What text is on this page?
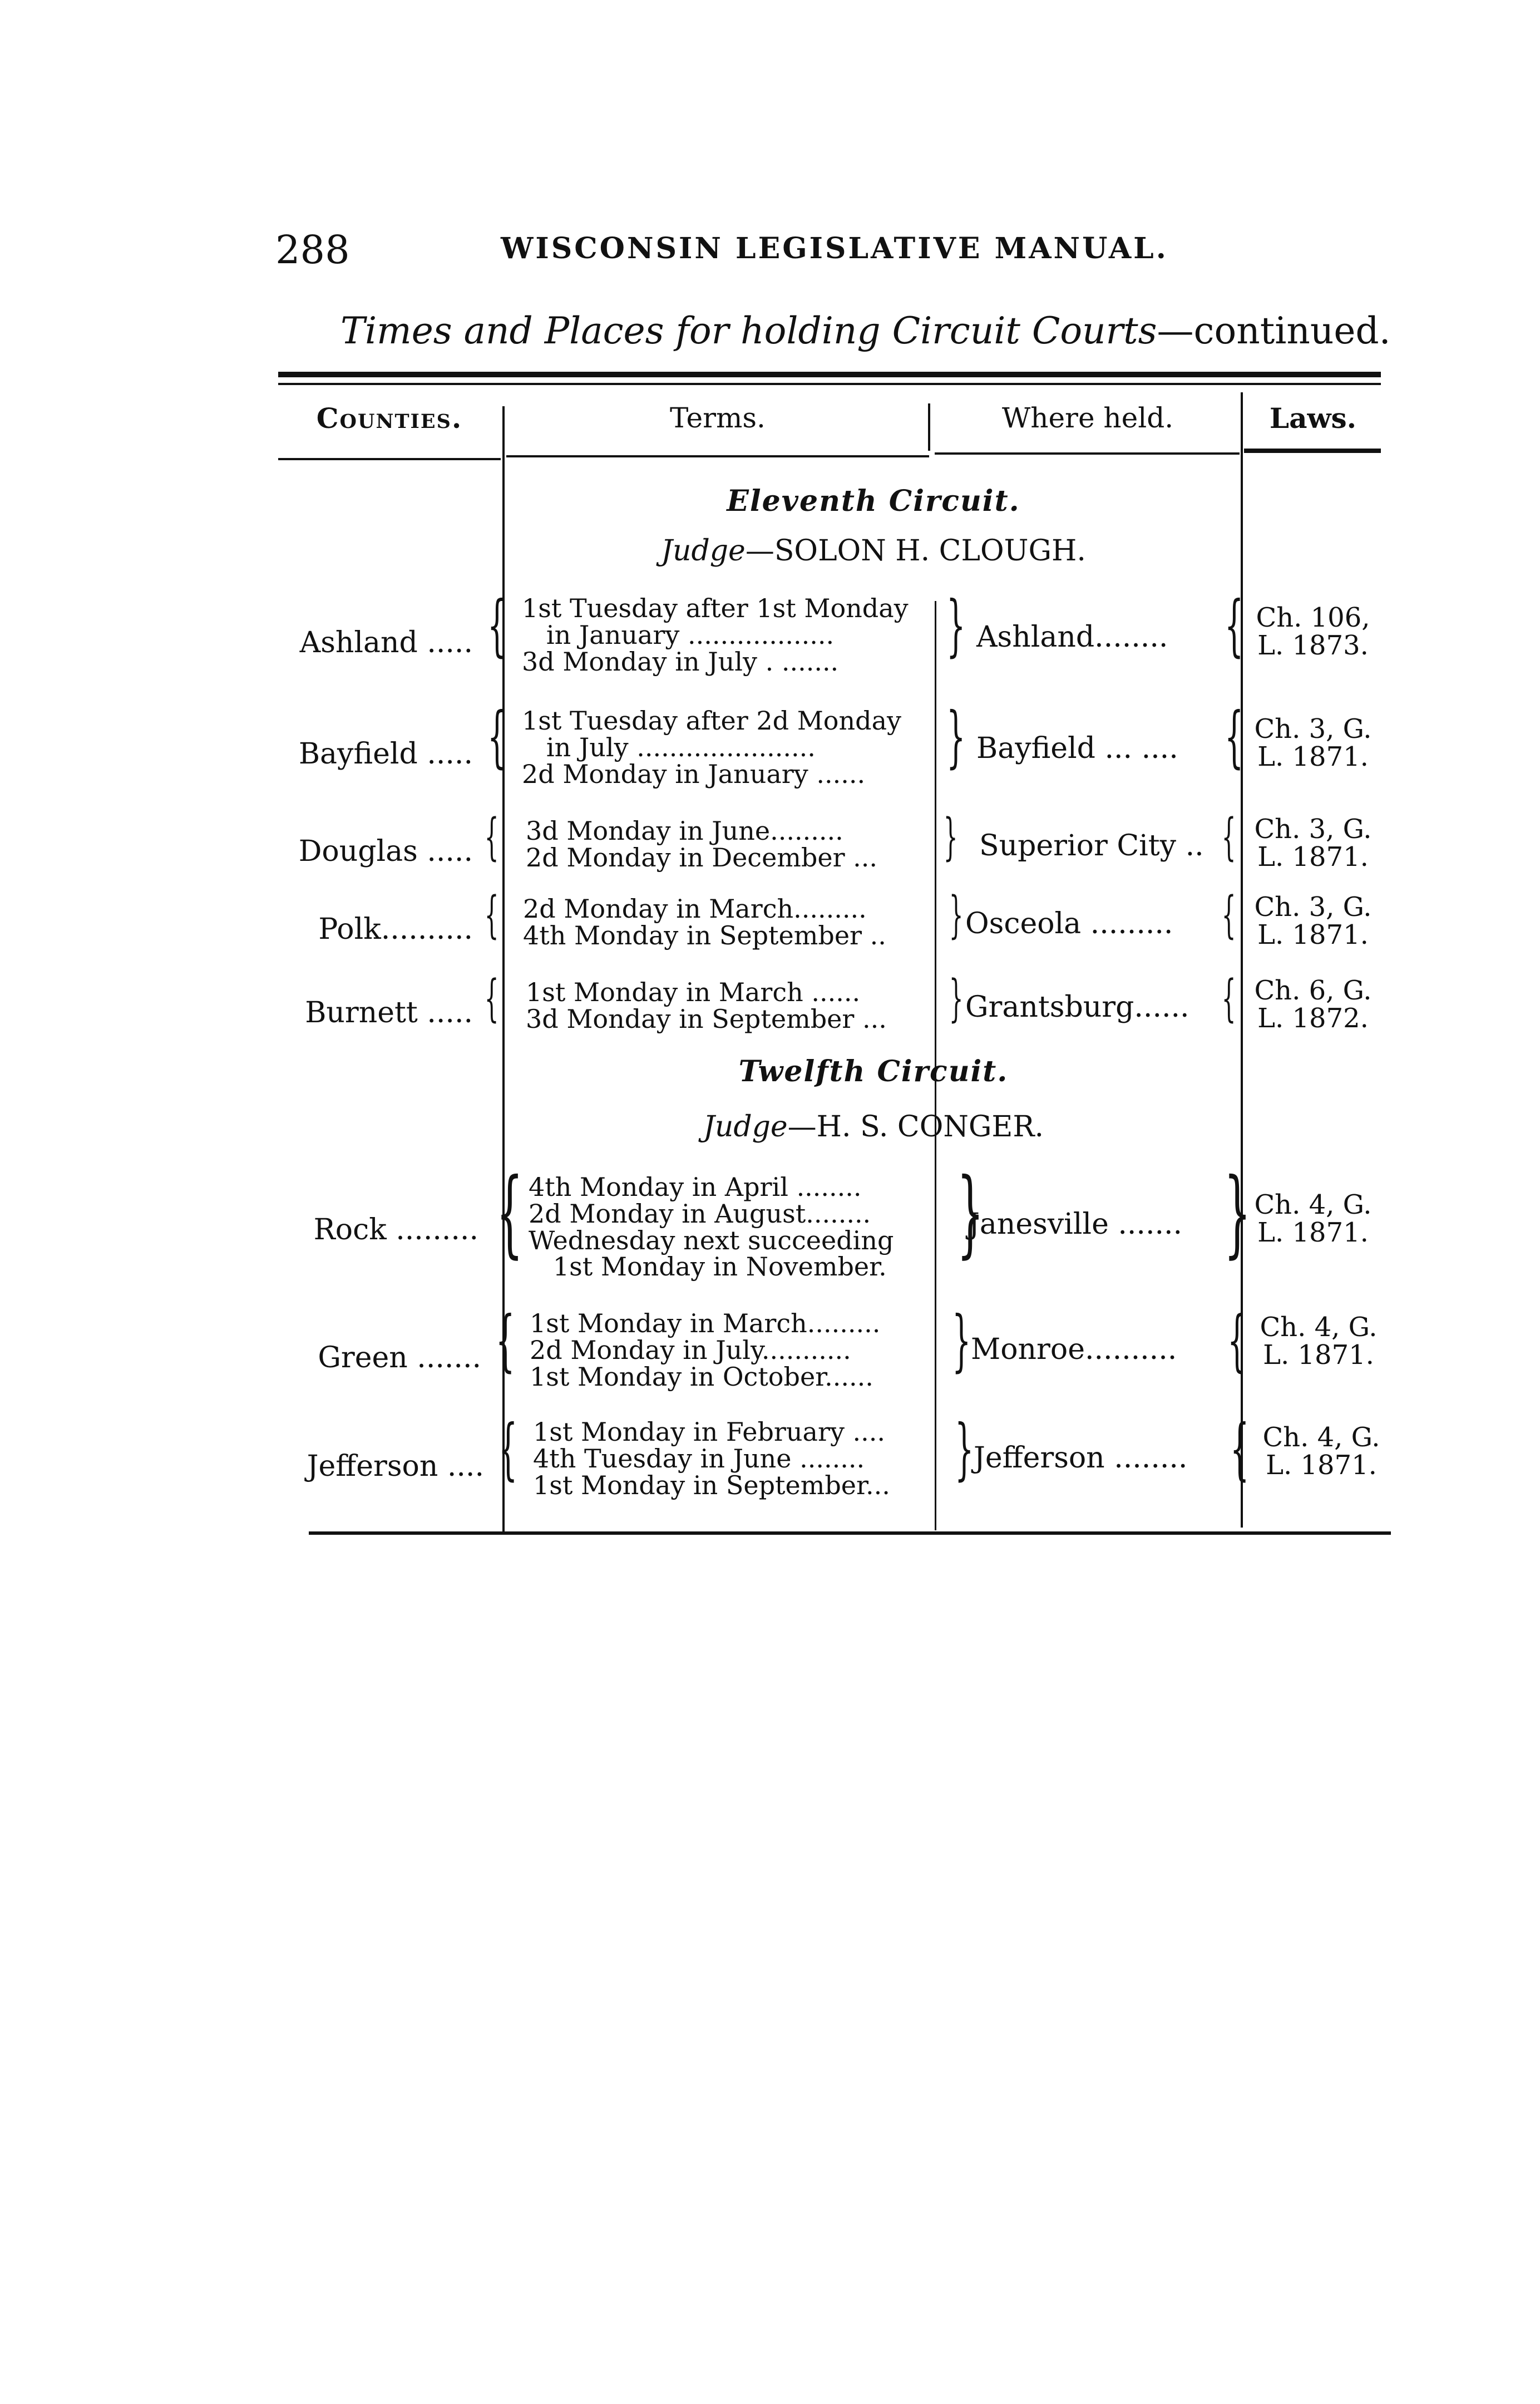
288	WISCONSIN LEGISLATIVE MANUAL.
Times and Places for holding Circuit Courts—continued.
Counties.	Terms.	Where held.	Laws.
Eleventh Circuit.
Judge—SOLON H. CLOUGH.
Ashland ..... { 1st Tuesday after 1st Monday
in January ..................
3d Monday in July . .......	} Ashland........ { Ch. 106,
L. 1873.
Bayfield ..... { 1st Tuesday after 2d Monday
in July ......................
2d Monday in January ......	} Bayfield ... .... { Ch. 3, G.
L. 1871.
Douglas ..... { 3d Monday in June.........
2d Monday in December ... } Superior City .. { Ch. 3, G.
L. 1871.
Polk.......... { 2d Monday in March.........
4th Monday in September .. } Osceola ......... { Ch. 3, G.
L. 1871.
Burnett ..... { 1st Monday in March ......
3d Monday in September ... } Grantsburg...... { Ch. 6, G.
L. 1872.
Twelfth Circuit.
Judge—H. S. CONGER.
Rock ......... { 4th Monday in April ........
2d Monday in August........
Wednesday next succeeding
1st Monday in November. }
Janesville ....... } Ch. 4, G.
L. 1871.
Green ....... { 1st Monday in March.........
2d Monday in July...........
1st Monday in October...... } Monroe.......... { Ch. 4, G.
L. 1871.
Jefferson .... { 1st Monday in February ....
4th Tuesday in June ........
1st Monday in September... } Jefferson ........ { Ch. 4, G.
L. 1871.
